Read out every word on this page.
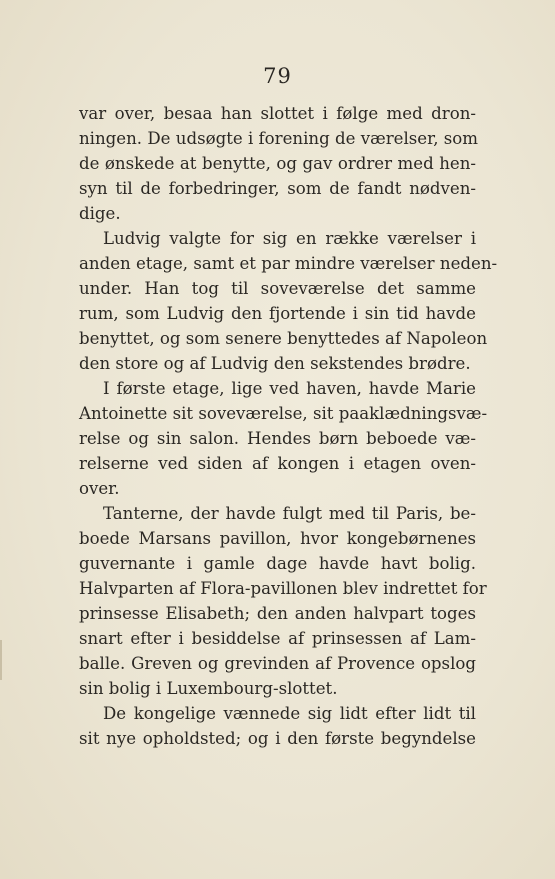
79
var over, besaa han slottet i følge med dron-
ningen. De udsøgte i forening de værelser, som
de ønskede at benytte, og gav ordrer med hen-
syn til de forbedringer, som de fandt nødven-
dige.
Ludvig valgte for sig en række værelser i
anden etage, samt et par mindre værelser neden-
under. Han tog til soveværelse det samme
rum, som Ludvig den fjortende i sin tid havde
benyttet, og som senere benyttedes af Napoleon
den store og af Ludvig den sekstendes brødre.
I første etage, lige ved haven, havde Marie
Antoinette sit soveværelse, sit paaklædningsvæ-
relse og sin salon. Hendes børn beboede væ-
relserne ved siden af kongen i etagen oven-
over.
Tanterne, der havde fulgt med til Paris, be-
boede Marsans pavillon, hvor kongebørnenes
guvernante i gamle dage havde havt bolig.
Halvparten af Flora-pavillonen blev indrettet for
prinsesse Elisabeth; den anden halvpart toges
snart efter i besiddelse af prinsessen af Lam-
balle. Greven og grevinden af Provence opslog
sin bolig i Luxembourg-slottet.
De kongelige vænnede sig lidt efter lidt til
sit nye opholdsted; og i den første begyndelse
